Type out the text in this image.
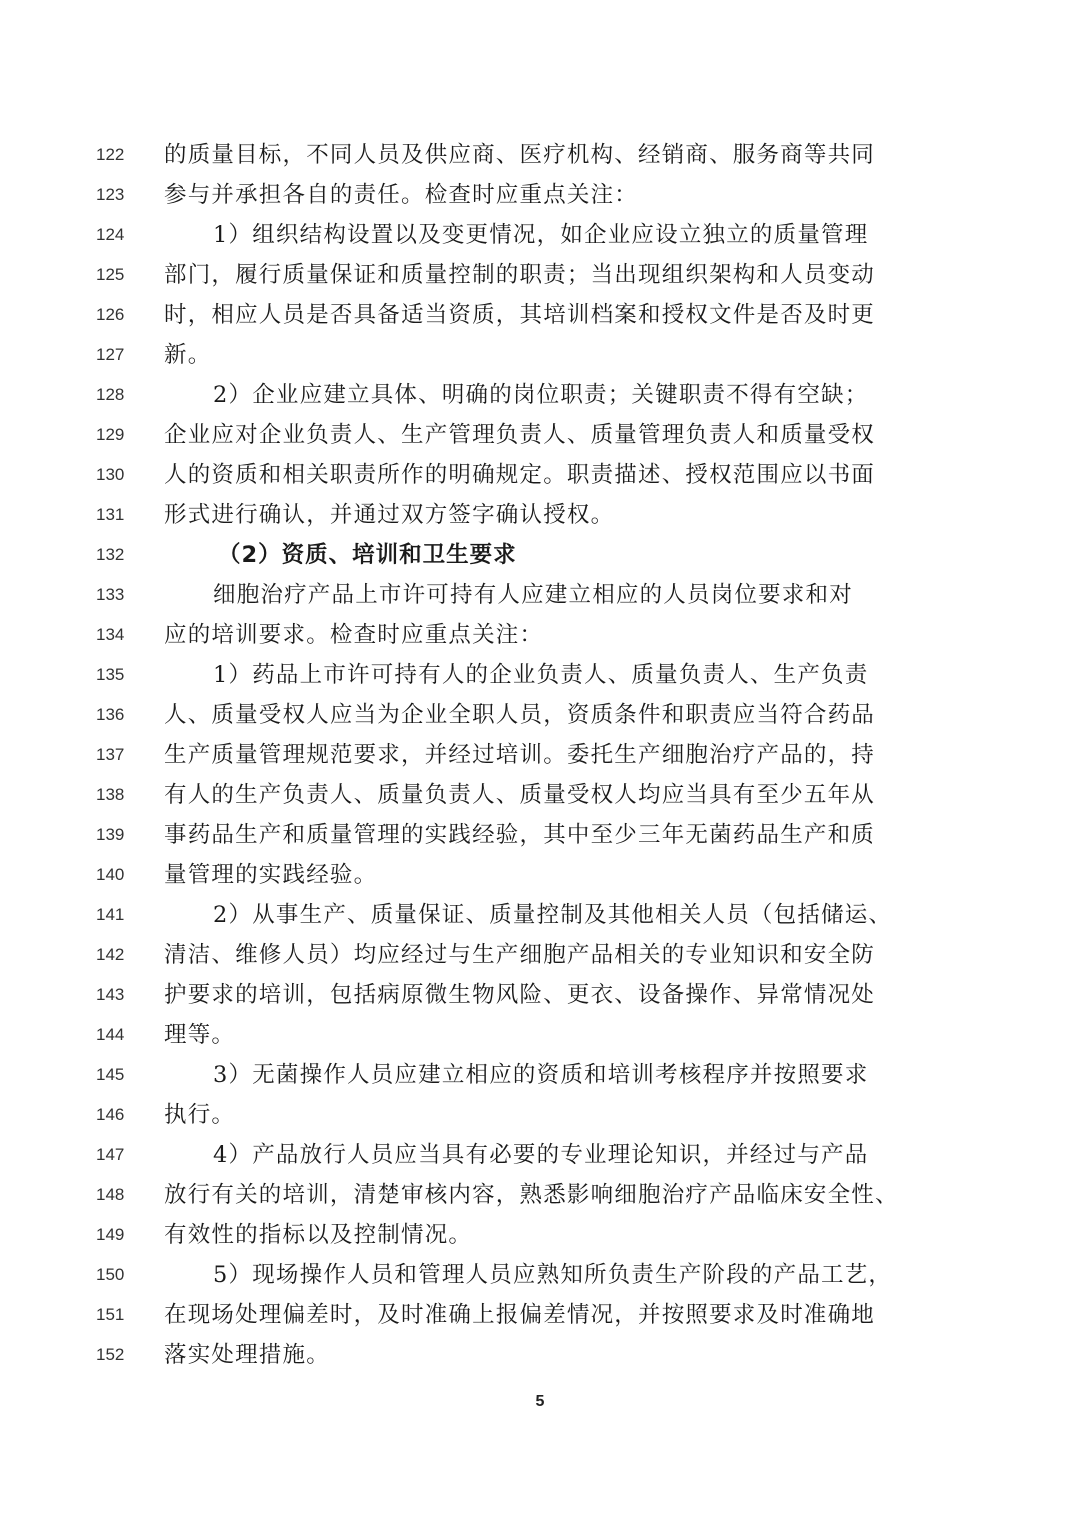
122	的质量目标，不同人员及供应商、医疗机构、经销商、服务商等共同
123	参与并承担各自的责任。检查时应重点关注：
124	1）组织结构设置以及变更情况，如企业应设立独立的质量管理
125	部门，履行质量保证和质量控制的职责；当出现组织架构和人员变动
126	时，相应人员是否具备适当资质，其培训档案和授权文件是否及时更
127	新。
128	2）企业应建立具体、明确的岗位职责；关键职责不得有空缺；
129	企业应对企业负责人、生产管理负责人、质量管理负责人和质量受权
130	人的资质和相关职责所作的明确规定。职责描述、授权范围应以书面
131	形式进行确认，并通过双方签字确认授权。
132	（2）资质、培训和卫生要求
133	细胞治疗产品上市许可持有人应建立相应的人员岗位要求和对
134	应的培训要求。检查时应重点关注：
135	1）药品上市许可持有人的企业负责人、质量负责人、生产负责
136	人、质量受权人应当为企业全职人员，资质条件和职责应当符合药品
137	生产质量管理规范要求，并经过培训。委托生产细胞治疗产品的，持
138	有人的生产负责人、质量负责人、质量受权人均应当具有至少五年从
139	事药品生产和质量管理的实践经验，其中至少三年无菌药品生产和质
140	量管理的实践经验。
141	2）从事生产、质量保证、质量控制及其他相关人员（包括储运、
142	清洁、维修人员）均应经过与生产细胞产品相关的专业知识和安全防
143	护要求的培训，包括病原微生物风险、更衣、设备操作、异常情况处
144	理等。
145	3）无菌操作人员应建立相应的资质和培训考核程序并按照要求
146	执行。
147	4）产品放行人员应当具有必要的专业理论知识，并经过与产品
148	放行有关的培训，清楚审核内容，熟悉影响细胞治疗产品临床安全性、
149	有效性的指标以及控制情况。
150	5）现场操作人员和管理人员应熟知所负责生产阶段的产品工艺，
151	在现场处理偏差时，及时准确上报偏差情况，并按照要求及时准确地
152	落实处理措施。
5
